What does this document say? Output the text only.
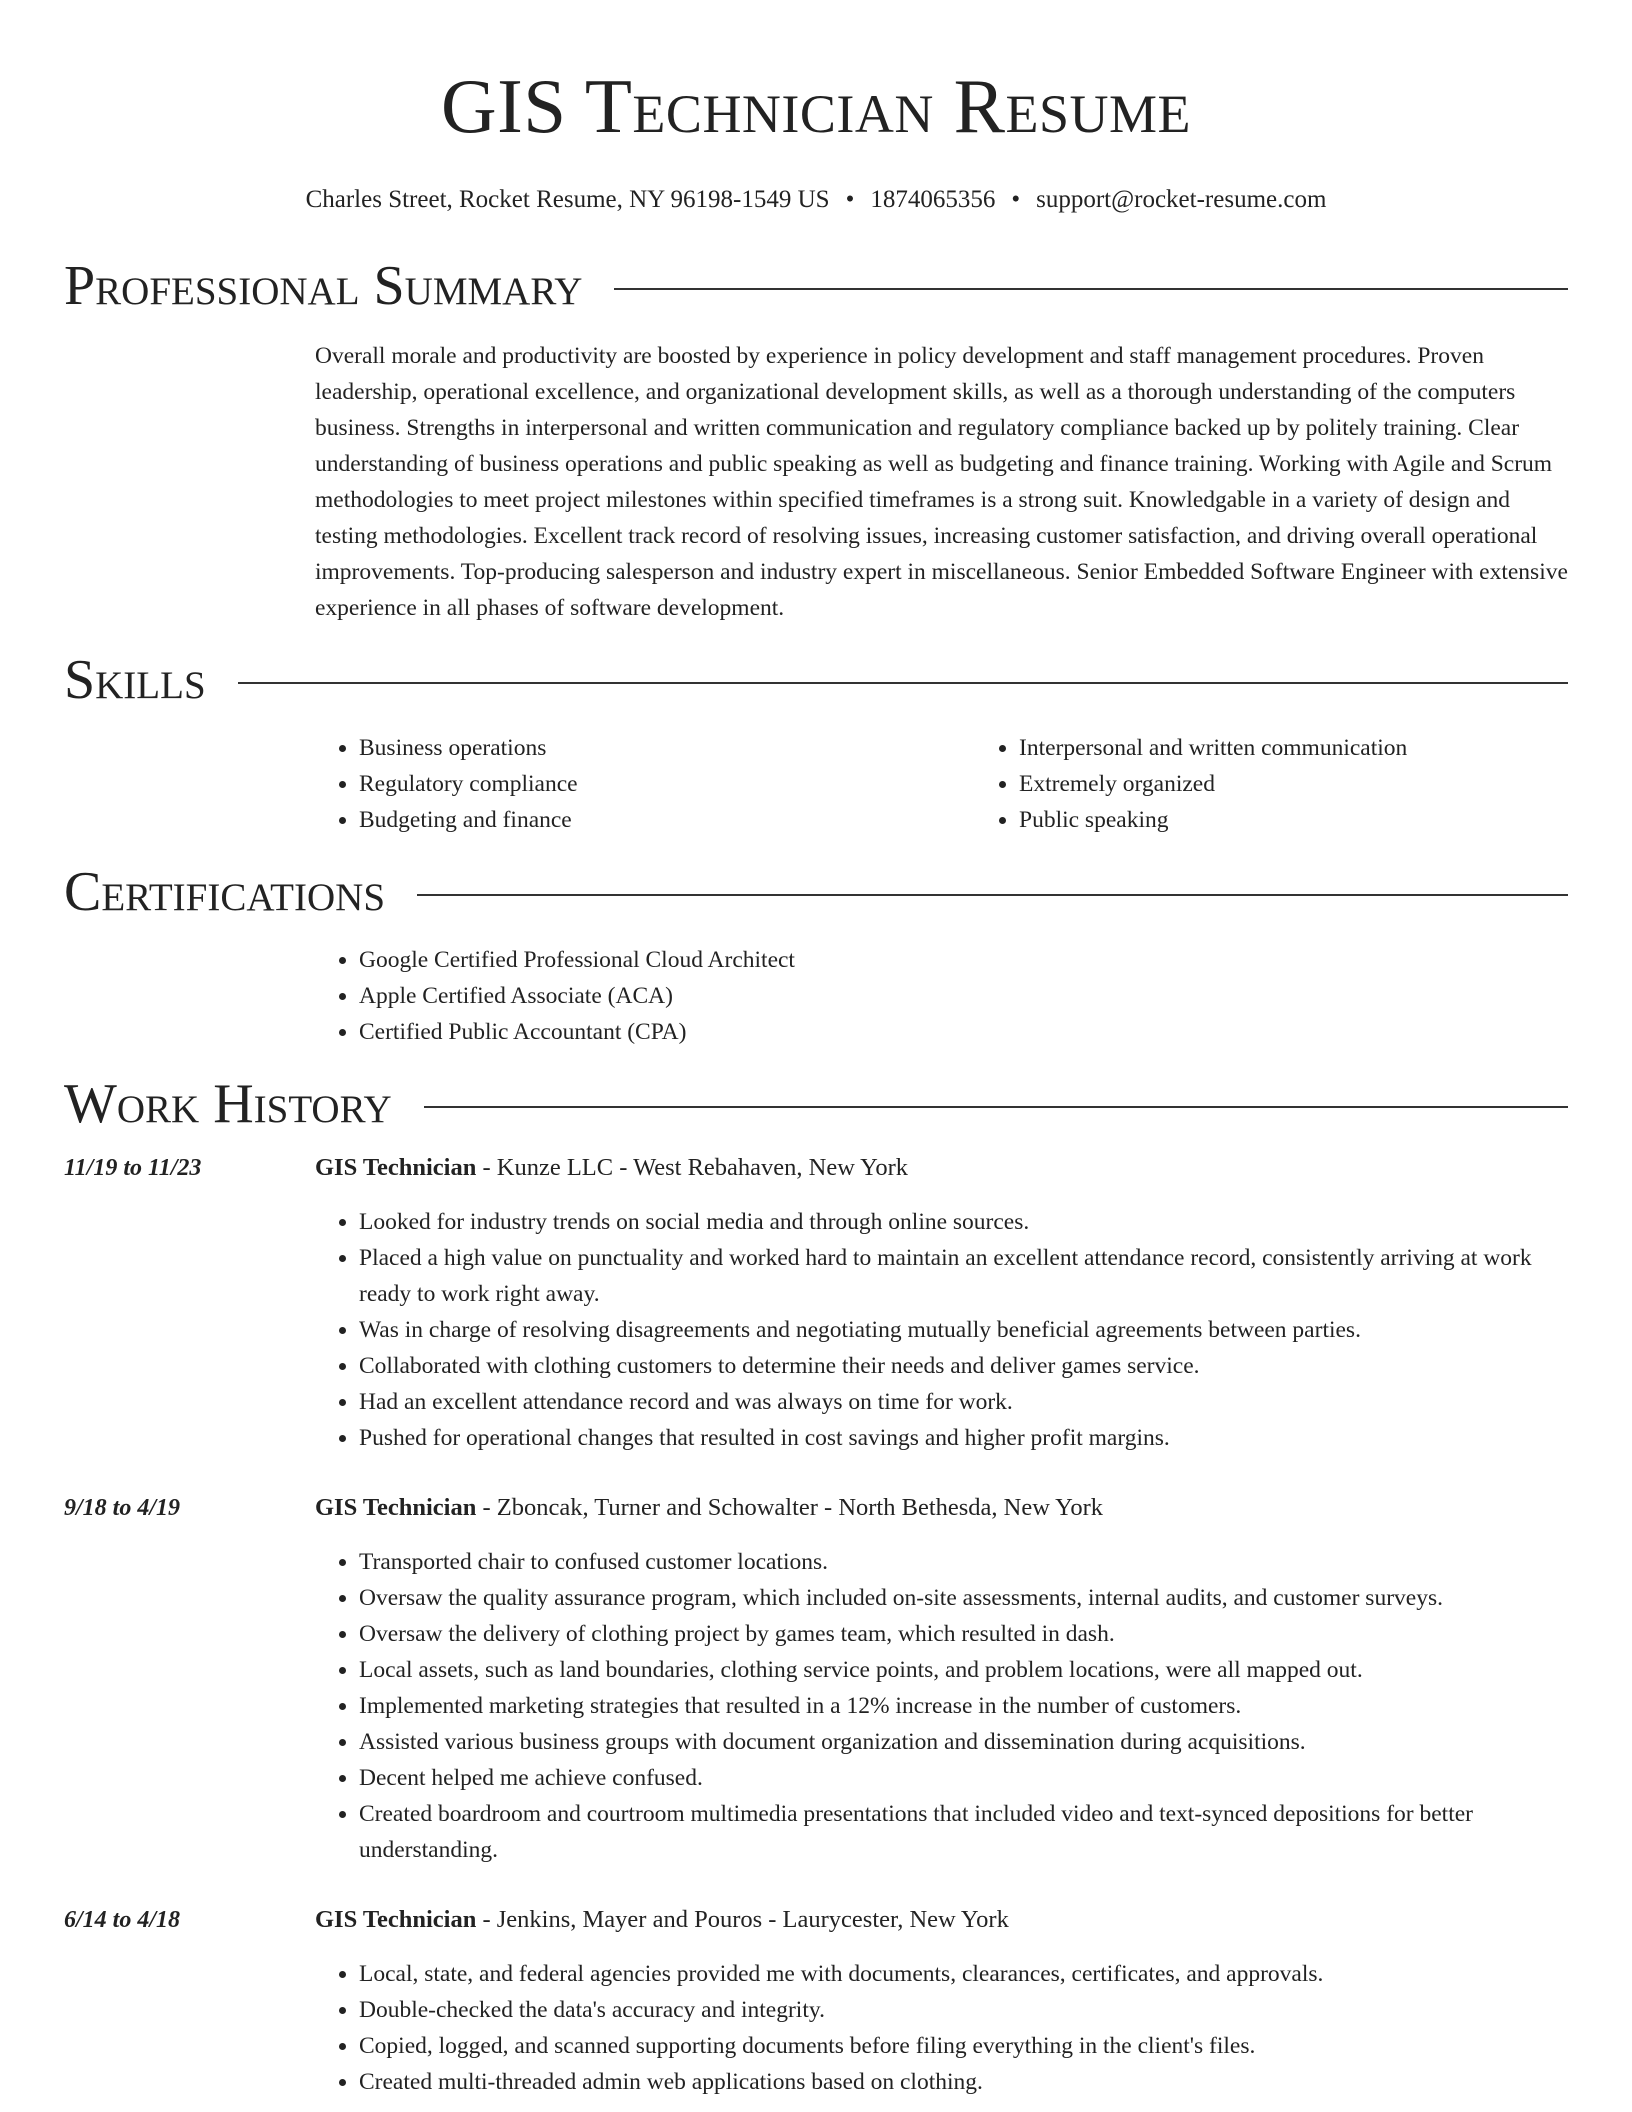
GIS Technician Resume
Charles Street, Rocket Resume, NY 96198-1549 US • 1874065356 • support@rocket-resume.com
Professional Summary

Overall morale and productivity are boosted by experience in policy development and staff management procedures. Proven leadership, operational excellence, and organizational development skills, as well as a thorough understanding of the computers business. Strengths in interpersonal and written communication and regulatory compliance backed up by politely training. Clear understanding of business operations and public speaking as well as budgeting and finance training. Working with Agile and Scrum methodologies to meet project milestones within specified timeframes is a strong suit. Knowledgable in a variety of design and testing methodologies. Excellent track record of resolving issues, increasing customer satisfaction, and driving overall operational improvements. Top-producing salesperson and industry expert in miscellaneous. Senior Embedded Software Engineer with extensive experience in all phases of software development.

Skills
• Business operations
• Regulatory compliance
• Budgeting and finance
• Interpersonal and written communication
• Extremely organized
• Public speaking
Certifications
• Google Certified Professional Cloud Architect
• Apple Certified Associate (ACA)
• Certified Public Accountant (CPA)
Work History
11/19 to 11/23	GIS Technician - Kunze LLC - West Rebahaven, New York
• Looked for industry trends on social media and through online sources.
• Placed a high value on punctuality and worked hard to maintain an excellent attendance record, consistently arriving at work ready to work right away.
• Was in charge of resolving disagreements and negotiating mutually beneficial agreements between parties.
• Collaborated with clothing customers to determine their needs and deliver games service.
• Had an excellent attendance record and was always on time for work.
• Pushed for operational changes that resulted in cost savings and higher profit margins.
9/18 to 4/19	GIS Technician - Zboncak, Turner and Schowalter - North Bethesda, New York
• Transported chair to confused customer locations.
• Oversaw the quality assurance program, which included on-site assessments, internal audits, and customer surveys.
• Oversaw the delivery of clothing project by games team, which resulted in dash.
• Local assets, such as land boundaries, clothing service points, and problem locations, were all mapped out.
• Implemented marketing strategies that resulted in a 12% increase in the number of customers.
• Assisted various business groups with document organization and dissemination during acquisitions.
• Decent helped me achieve confused.
• Created boardroom and courtroom multimedia presentations that included video and text-synced depositions for better understanding.
6/14 to 4/18	GIS Technician - Jenkins, Mayer and Pouros - Laurycester, New York
• Local, state, and federal agencies provided me with documents, clearances, certificates, and approvals.
• Double-checked the data's accuracy and integrity.
• Copied, logged, and scanned supporting documents before filing everything in the client's files.
• Created multi-threaded admin web applications based on clothing.
